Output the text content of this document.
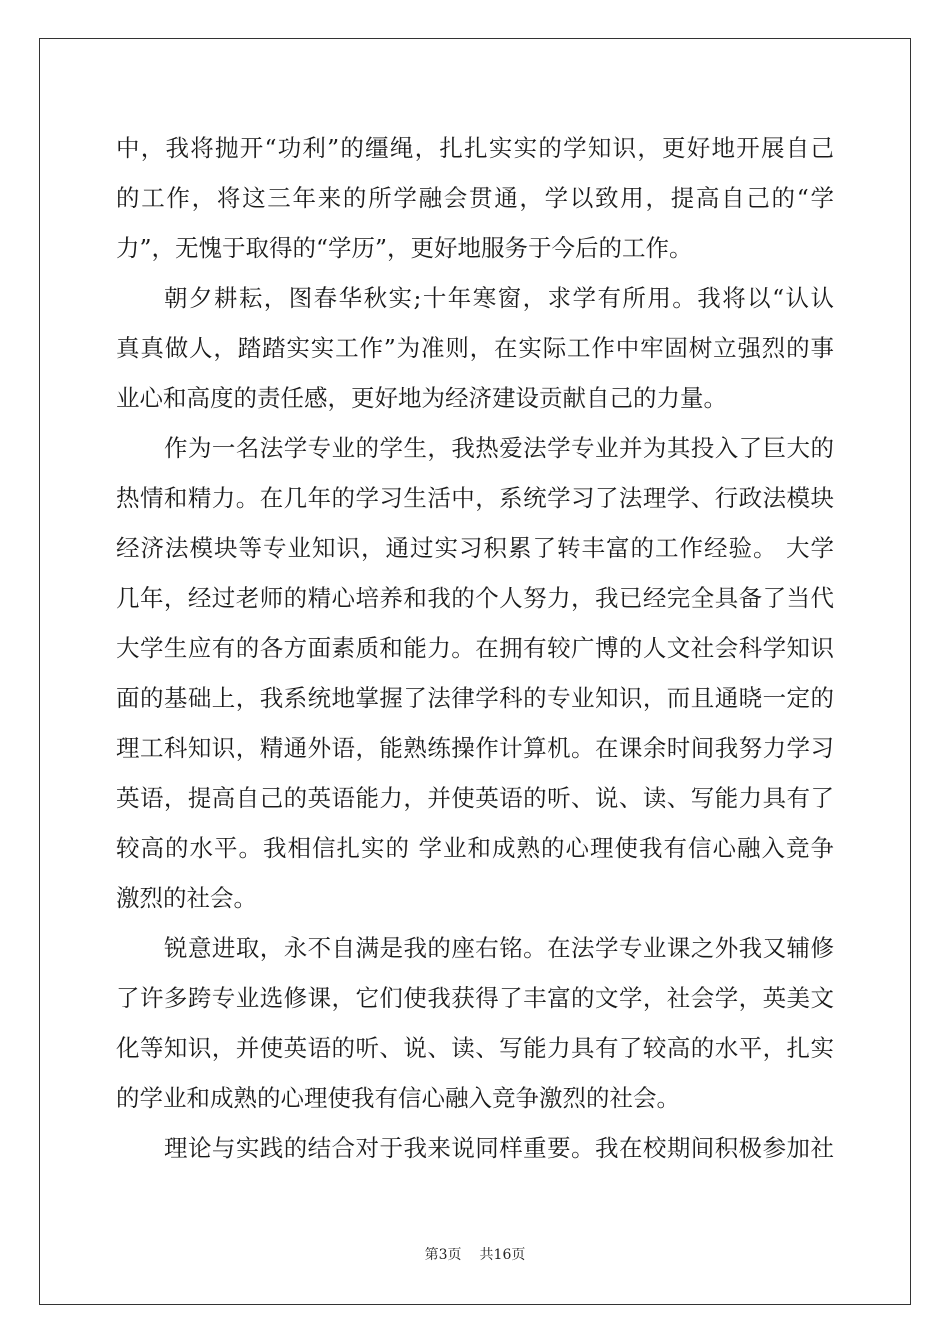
中，我将抛开“功利”的缰绳，扎扎实实的学知识，更好地开展自己
的工作，将这三年来的所学融会贯通，学以致用，提高自己的“学
力”，无愧于取得的“学历”，更好地服务于今后的工作。
朝夕耕耘，图春华秋实;十年寒窗，求学有所用。我将以“认认
真真做人，踏踏实实工作”为准则，在实际工作中牢固树立强烈的事
业心和高度的责任感，更好地为经济建设贡献自己的力量。
作为一名法学专业的学生，我热爱法学专业并为其投入了巨大的
热情和精力。在几年的学习生活中，系统学习了法理学、行政法模块
经济法模块等专业知识，通过实习积累了转丰富的工作经验。 大学
几年，经过老师的精心培养和我的个人努力，我已经完全具备了当代
大学生应有的各方面素质和能力。在拥有较广博的人文社会科学知识
面的基础上，我系统地掌握了法律学科的专业知识，而且通晓一定的
理工科知识，精通外语，能熟练操作计算机。在课余时间我努力学习
英语，提高自己的英语能力，并使英语的听、说、读、写能力具有了
较高的水平。我相信扎实的 学业和成熟的心理使我有信心融入竞争
激烈的社会。
锐意进取，永不自满是我的座右铭。在法学专业课之外我又辅修
了许多跨专业选修课，它们使我获得了丰富的文学，社会学，英美文
化等知识，并使英语的听、说、读、写能力具有了较高的水平，扎实
的学业和成熟的心理使我有信心融入竞争激烈的社会。
理论与实践的结合对于我来说同样重要。我在校期间积极参加社
第3页 共16页
